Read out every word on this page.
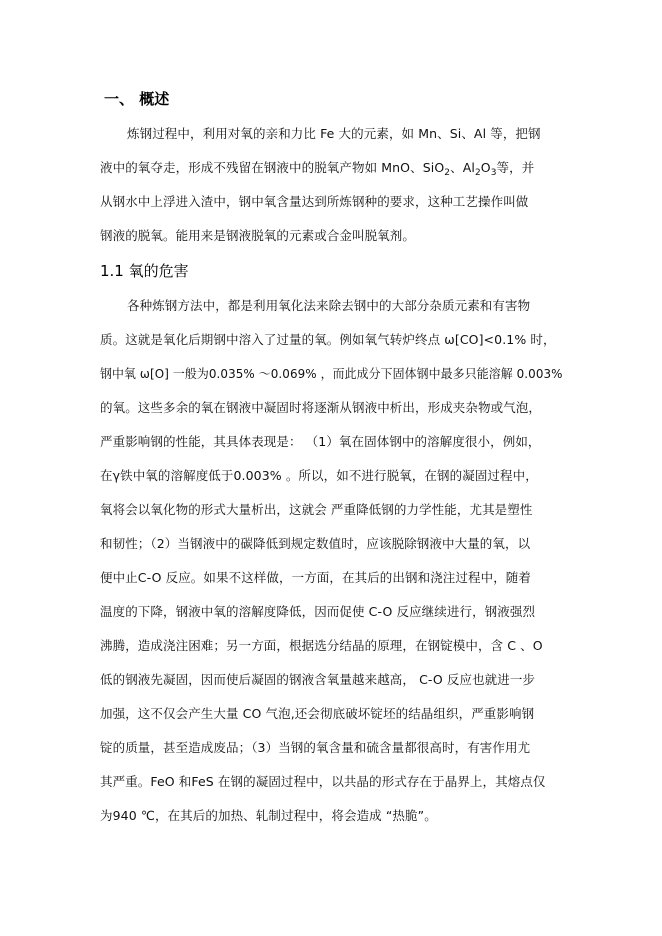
一、 概述
炼钢过程中，利用对氧的亲和力比 Fe 大的元素，如 Mn、Si、Al 等，把钢
液中的氧夺走，形成不残留在钢液中的脱氧产物如 MnO、SiO$_2$、$Al_2O_3$等，并
从钢水中上浮进入渣中，钢中氧含量达到所炼钢种的要求，这种工艺操作叫做
钢液的脱氧。能用来是钢液脱氧的元素或合金叫脱氧剂。
1.1 氧的危害
各种炼钢方法中，都是利用氧化法来除去钢中的大部分杂质元素和有害物
质。这就是氧化后期钢中溶入了过量的氧。例如氧气转炉终点 ω[CO]<0.1% 时，
钢中氧 ω[O] 一般为0.035% ～0.069% ，而此成分下固体钢中最多只能溶解 0.003%
的氧。这些多余的氧在钢液中凝固时将逐渐从钢液中析出，形成夹杂物或气泡，
严重影响钢的性能，其具体表现是： （1）氧在固体钢中的溶解度很小，例如，
在γ铁中氧的溶解度低于0.003% 。所以，如不进行脱氧，在钢的凝固过程中，
氧将会以氧化物的形式大量析出，这就会 严重降低钢的力学性能，尤其是塑性
和韧性；（2）当钢液中的碳降低到规定数值时，应该脱除钢液中大量的氧，以
便中止C-O 反应。如果不这样做，一方面，在其后的出钢和浇注过程中，随着
温度的下降，钢液中氧的溶解度降低，因而促使 C-O 反应继续进行，钢液强烈
沸腾，造成浇注困难；另一方面，根据选分结晶的原理，在钢锭模中，含 C 、O
低的钢液先凝固，因而使后凝固的钢液含氧量越来越高， C-O 反应也就进一步
加强，这不仅会产生大量 CO 气泡,还会彻底破坏锭坯的结晶组织，严重影响钢
锭的质量，甚至造成废品；（3）当钢的氧含量和硫含量都很高时，有害作用尤
其严重。FeO 和FeS 在钢的凝固过程中，以共晶的形式存在于晶界上，其熔点仅
为940 ℃，在其后的加热、轧制过程中，将会造成 “热脆”。
